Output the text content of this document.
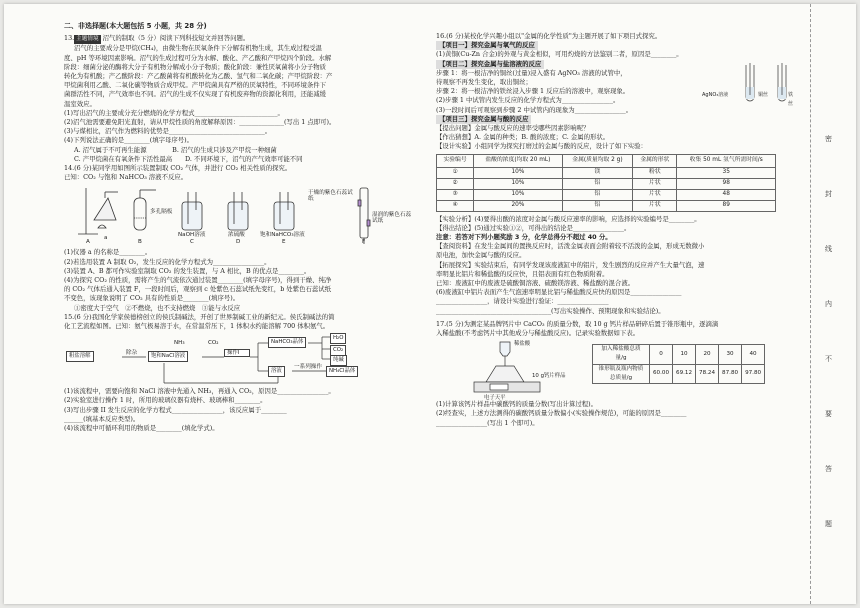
二、非选择题(本大题包括 5 小题，共 28 分)

13. 主题情境 沼气的制取（5 分）阅读下列科技短文并回答问题。

沼气的主要成分是甲烷(CH₄)，由微生物在厌氧条件下分解有机物生成，其生成过程受温

度、pH 等环境因素影响。沼气的生成过程可分为水解、酸化、产乙酸和产甲烷四个阶段。水解

阶段：细菌分泌的酶将大分子有机物分解成小分子物质；酸化阶段：兼性厌氧菌将小分子物质

转化为有机酸；产乙酸阶段：产乙酸菌将有机酸转化为乙酸、氢气和二氧化碳；产甲烷阶段：产

甲烷菌利用乙酸、二氧化碳等物质合成甲烷。产甲烷菌具有严格的厌氧特性，不同环境条件下

菌群活性不同，产气效率也不同。沼气的生成不仅实现了有机废弃物的资源化利用，还能减缓

温室效应。

(1)写出沼气的主要成分充分燃烧的化学方程式__________________________。

(2)沼气池需要避免阳光直射，请从甲烷性质的角度解释原因：______________(写出 1 点即可)。

(3)与煤相比，沼气作为燃料的优势是______________________________。

(4)下列说法正确的是________(填字母序号)。

A. 沼气属于不可再生能源　　　　B. 沼气的生成只涉及产甲烷一种细菌

C. 产甲烷菌在有氧条件下活性最高　　D. 不同环境下，沼气的产气效率可能不同

14.(6 分)某同学用如图所示装置制取 CO₂ 气体，并进行 CO₂ 相关性质的探究。

已知：CO₂ 与饱和 NaHCO₃ 溶液不反应。

a
A
多孔隔板
B
NaOH溶液
C
浓硫酸
D
饱和NaHCO₃溶液
E
干燥的紫色石蕊试纸
湿润的紫色石蕊试纸
F

(1)仪器 a 的名称是________。

(2)若选用装置 A 制取 O₂，发生反应的化学方程式为________________。

(3)装置 A、B 都可作实验室制取 CO₂ 的发生装置，与 A 相比，B 的优点是________。

(4)为探究 CO₂ 的性质，需将产生的气流依次通过装置________(填字母序号)，得到干燥、纯净

的 CO₂ 气体后通入装置 F，一段时间后，观察到 c 处紫色石蕊试纸先变红，b 处紫色石蕊试纸

不变色，该现象说明了 CO₂ 具有的性质是________(填序号)。

①密度大于空气　②不燃烧，也不支持燃烧　③能与水反应

15.(6 分)我国化学家侯德榜创立的侯氏制碱法，开创了世界制碱工业的新纪元。侯氏制碱法的简

化工艺流程如图。已知：氨气极易溶于水，在常温常压下，1 体积水约能溶解 700 体积氨气。

粗盐溶解	除杂	饱和NaCl溶液
NH₃	CO₂
操作I
NaHCO₃晶体
H₂O
CO₂
纯碱
溶液
一系列操作
NH₄Cl晶体

(1)该流程中，需要向饱和 NaCl 溶液中先通入 NH₃，再通入 CO₂，原因是________________。

(2)实验室进行操作 1 时，所用的玻璃仪器有烧杯、玻璃棒和________。

(3)写出步骤 II 发生反应的化学方程式________________，该反应属于________

______(填基本反应类型)。

(4)该流程中可循环利用的物质是________(填化学式)。

16.(6 分)某校化学兴趣小组以"金属的化学性质"为主题开展了如下项目式探究。

【项目一】探究金属与氧气的反应

(1)黄铜(Cu-Zn 合金)的外观与黄金相似，可用灼烧的方法鉴别二者，原因是________。

【项目二】探究金属与盐溶液的反应

步骤 1：将一根洁净的铜丝(过量)浸入盛有 AgNO₃ 溶液的试管中，

待观察不再发生变化，取出铜丝；

步骤 2：将一根洁净的铁丝浸入步骤 1 反应后的溶液中，观察现象。

(2)步骤 1 中试管内发生反应的化学方程式为________________。

(3)一段时间后可观察到步骤 2 中试管内的现象为________________。

AgNO₃溶液	铜丝	铁丝

【项目三】探究金属与酸的反应

【提出问题】金属与酸反应的速率受哪些因素影响呢？

【作出猜想】A. 金属的种类；B. 酸的浓度；C. 金属的形状。

【设计实验】小组同学为探究打磨过的金属与酸的反应，设计了如下实验：

实验编号	盐酸的浓度(均取 20 mL)	金属(质量均取 2 g)	金属的形状	收集 50 mL 氢气所需时间/s
①	10%	镁	粉状	35
②	10%	铝	片状	98
③	10%	铝	片状	48
④	20%	铝	片状	89

【实验分析】(4)要得出酸的浓度对金属与酸反应速率的影响，应选择的实验编号是________。

【得出结论】(5)通过实验①②，可得出的结论是________________。

注意：若答对下列小题奖励 3 分，化学总得分不超过 40 分。

【查阅资料】在发生金属间的置换反应时，活泼金属表面会附着较不活泼的金属，形成无数微小

原电池，加快金属与酸的反应。

【拓展探究】实验结束后，有同学发现该废液缸中的铝片，发生剧烈的反应并产生大量气泡，速

率明显比铝片和稀盐酸的反应快，且铝表面有红色物质附着。

已知：废液缸中的废液是硫酸铜溶液、硫酸镁溶液、稀盐酸的混合液。

(6)废液缸中铝片表面产生气泡速率明显比铝与稀盐酸反应快的原因是________________

________________，请设计实验进行验证：________________

____________________________________(写出实验操作、预期现象和实验结论)。

17.(5 分)为测定某品牌钙片中 CaCO₃ 的质量分数，取 10 g 钙片样品研碎后置于锥形瓶中，逐滴滴

入稀盐酸(不考虑钙片中其他成分与稀盐酸反应)。记录实验数据如下表。

稀盐酸
10 g钙片样品
电子天平
加入稀盐酸总质量/g	0	10	20	30	40
锥形瓶及瓶内物质总质量/g	60.00	69.12	78.24	87.80	97.80

(1)计算该钙片样品中碳酸钙的质量分数(写出计算过程)。

(2)经查实，上述方法测得的碳酸钙质量分数偏小(实验操作规范)，可能的原因是________

________________(写出 1 个即可)。

密
封
线
内
不
要
答
题
